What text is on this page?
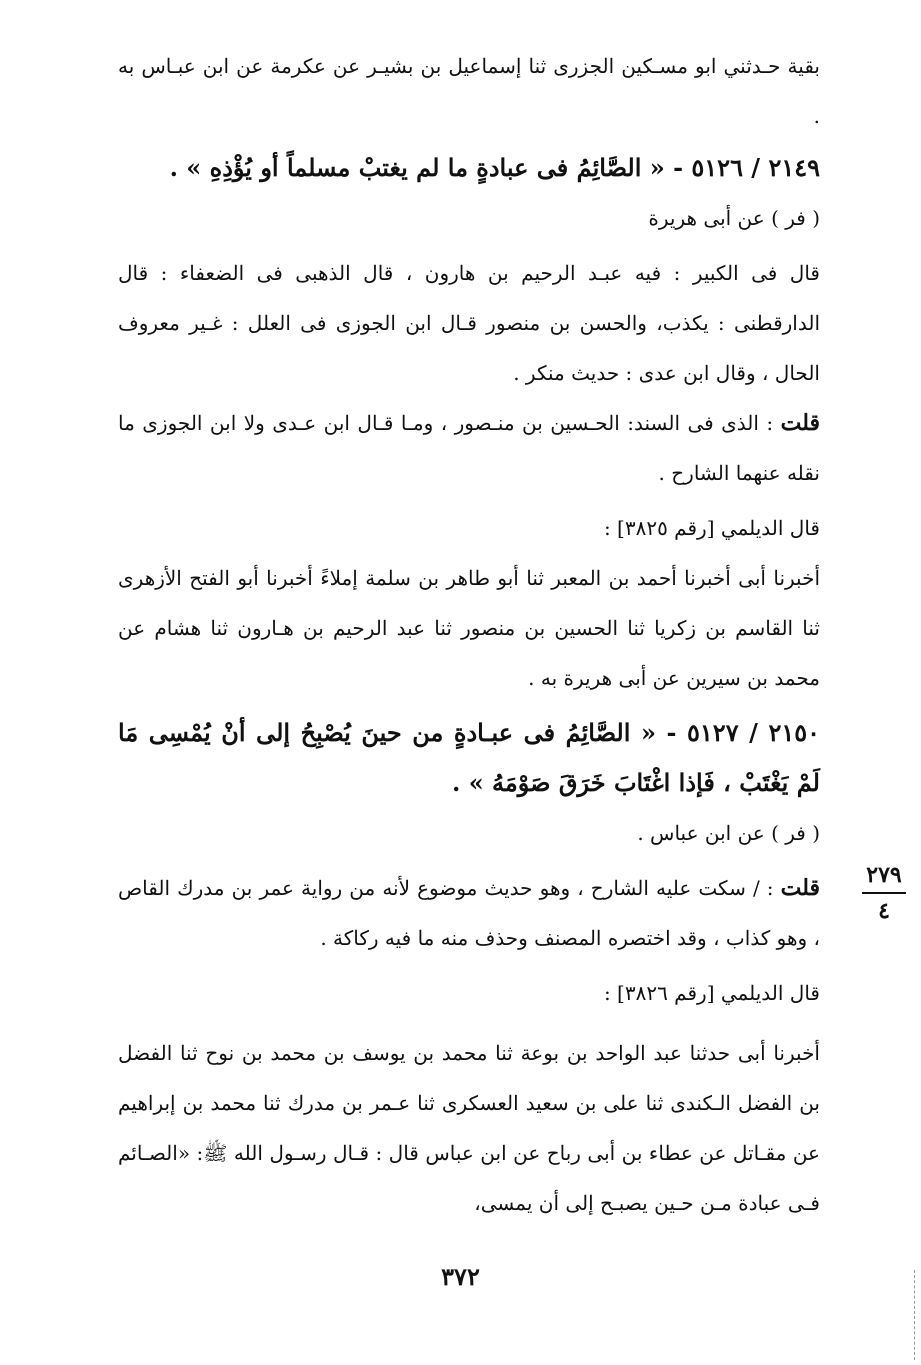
بقية حـدثني ابو مسـكين الجزرى ثنا إسماعيل بن بشيـر عن عكرمة عن ابن عبـاس به .

٢١٤٩ / ٥١٢٦ - « الصَّائِمُ فى عبادةٍ ما لم يغتبْ مسلماً أو يُؤْذِهِ » .

( فر ) عن أبى هريرة

قال فى الكبير : فيه عبـد الرحيم بن هارون ، قال الذهبى فى الضعفاء : قال الدارقطنى : يكذب، والحسن بن منصور قـال ابن الجوزى فى العلل : غـير معروف الحال ، وقال ابن عدى : حديث منكر .

قلت : الذى فى السند: الحـسين بن منـصور ، ومـا قـال ابن عـدى ولا ابن الجوزى ما نقله عنهما الشارح .

قال الديلمي [رقم ٣٨٢٥] :

أخبرنا أبى أخبرنا أحمد بن المعبر ثنا أبو طاهر بن سلمة إملاءً أخبرنا أبو الفتح الأزهرى ثنا القاسم بن زكريا ثنا الحسين بن منصور ثنا عبد الرحيم بن هـارون ثنا هشام عن محمد بن سيرين عن أبى هريرة به .

٢١٥٠ / ٥١٢٧ - « الصَّائِمُ فى عبـادةٍ من حينَ يُصْبِحُ إلى أنْ يُمْسِى مَا لَمْ يَغْتَبْ ، فَإذا اغْتَابَ خَرَقَ صَوْمَهُ » .

( فر ) عن ابن عباس .

قلت : / سكت عليه الشارح ، وهو حديث موضوع لأنه من رواية عمر بن مدرك القاص ، وهو كذاب ، وقد اختصره المصنف وحذف منه ما فيه ركاكة .

قال الديلمي [رقم ٣٨٢٦] :

أخبرنا أبى حدثنا عبد الواحد بن بوعة ثنا محمد بن يوسف بن محمد بن نوح ثنا الفضل بن الفضل الـكندى ثنا على بن سعيد العسكرى ثنا عـمر بن مدرك ثنا محمد بن إبراهيم عن مقـاتل عن عطاء بن أبى رباح عن ابن عباس قال : قـال رسـول الله ﷺ: «الصـائم فـى عبادة مـن حـين يصبـح إلى أن يمسى،

٢٧٩
٤
٣٧٢
